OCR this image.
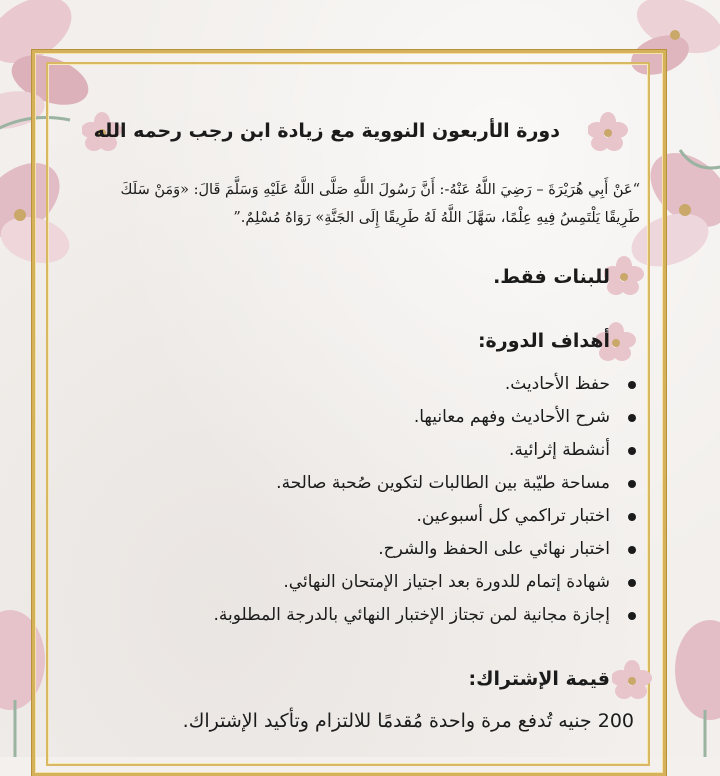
دورة الأربعون النووية مع زيادة ابن رجب رحمه الله
“عَنْ أَبِي هُرَيْرَةَ – رَضِيَ اللَّهُ عَنْهُ-: أَنَّ رَسُولَ اللَّهِ صَلَّى اللَّهُ عَلَيْهِ وَسَلَّمَ قَالَ: «وَمَنْ سَلَكَ طَرِيقًا يَلْتَمِسُ فِيهِ عِلْمًا، سَهَّلَ اللَّهُ لَهُ طَرِيقًا إِلَى الجَنَّةِ» رَوَاهُ مُسْلِمٌ.”
للبنات فقط.
أهداف الدورة:
حفظ الأحاديث.
شرح الأحاديث وفهم معانيها.
أنشطة إثرائية.
مساحة طيّبة بين الطالبات لتكوين صُحبة صالحة.
اختبار تراكمي كل أسبوعين.
اختبار نهائي على الحفظ والشرح.
شهادة إتمام للدورة بعد اجتياز الإمتحان النهائي.
إجازة مجانية لمن تجتاز الإختبار النهائي بالدرجة المطلوبة.
قيمة الإشتراك:
200 جنيه تُدفع مرة واحدة مُقدمًا للالتزام وتأكيد الإشتراك.
